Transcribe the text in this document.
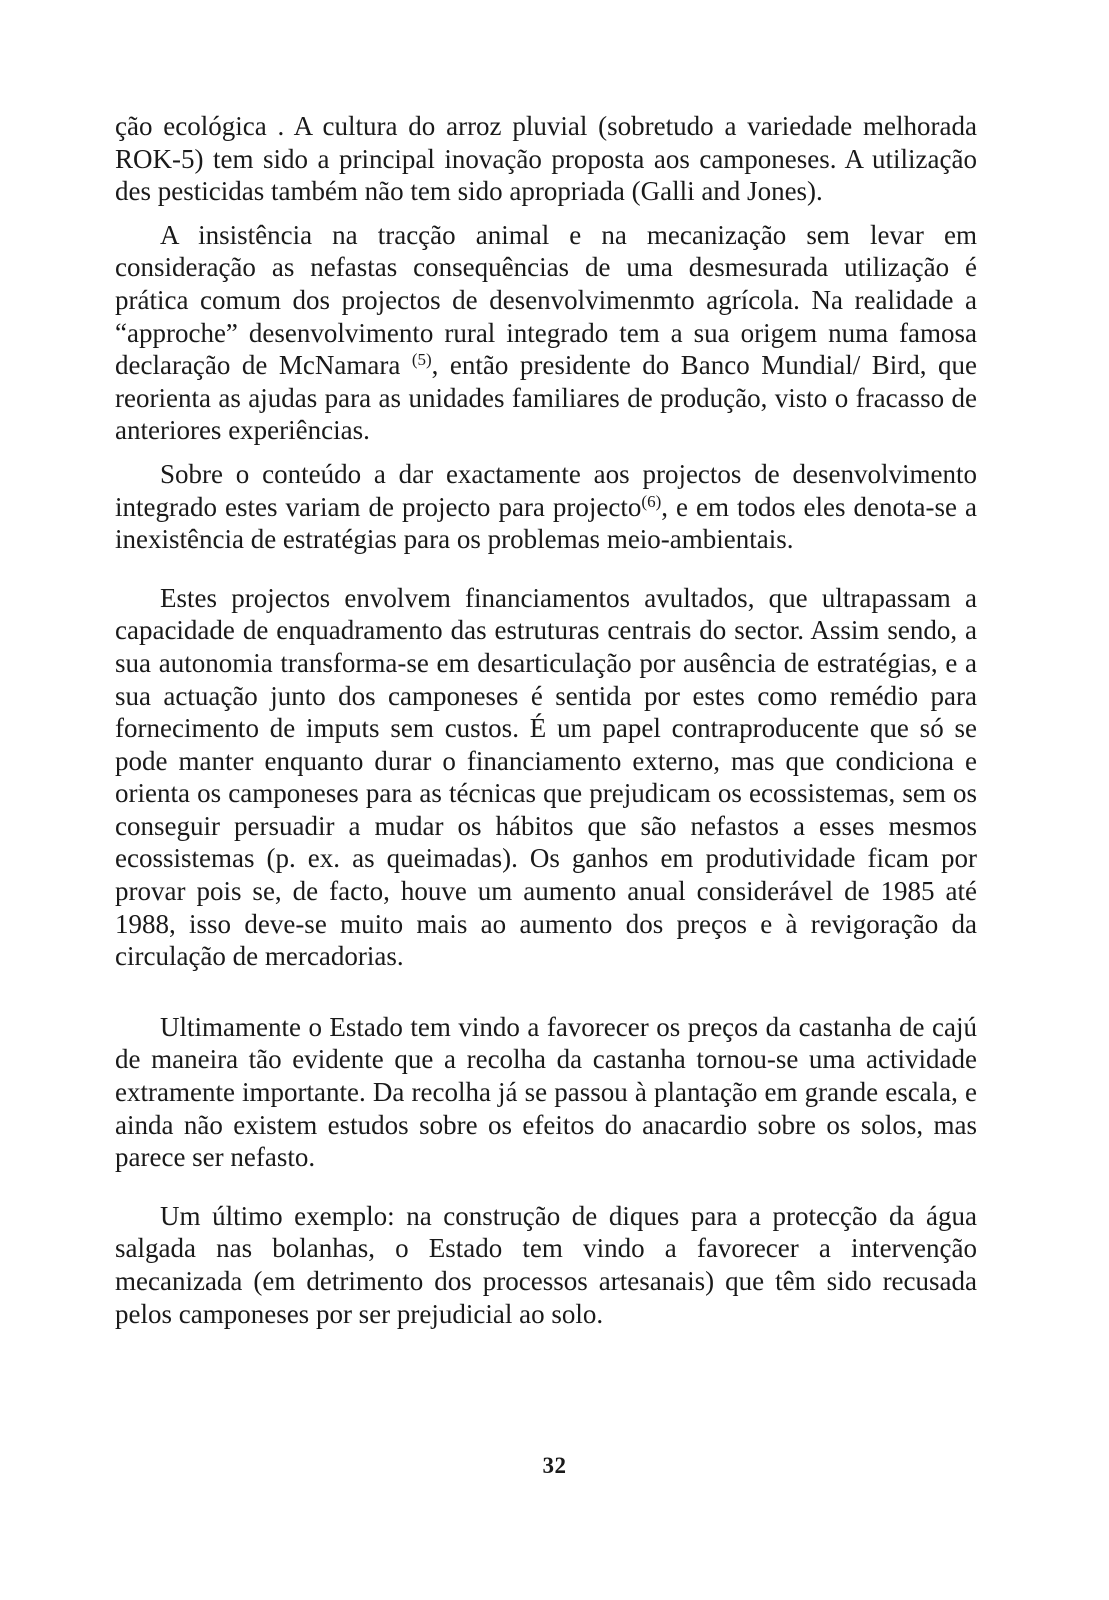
ção ecológica . A cultura do arroz pluvial (sobretudo a variedade melhorada ROK-5) tem sido a principal inovação proposta aos camponeses. A utilização des pesticidas também não tem sido apropriada (Galli and Jones).

A insistência na tracção animal e na mecanização sem levar em consideração as nefastas consequências de uma desmesurada utilização é prática comum dos projectos de desenvolvimenmto agrícola. Na realidade a “approche” desenvolvimento rural integrado tem a sua origem numa famosa declaração de McNamara $^{(5)}$, então presidente do Banco Mundial/ Bird, que reorienta as ajudas para as unidades familiares de produção, visto o fracasso de anteriores experiências.

Sobre o conteúdo a dar exactamente aos projectos de desenvolvimento integrado estes variam de projecto para projecto$^{(6)}$, e em todos eles denota-se a inexistência de estratégias para os problemas meio-ambientais.

Estes projectos envolvem financiamentos avultados, que ultrapassam a capacidade de enquadramento das estruturas centrais do sector. Assim sendo, a sua autonomia transforma-se em desarticulação por ausência de estratégias, e a sua actuação junto dos camponeses é sentida por estes como remédio para fornecimento de imputs sem custos. É um papel contraproducente que só se pode manter enquanto durar o financiamento externo, mas que condiciona e orienta os camponeses para as técnicas que prejudicam os ecossistemas, sem os conseguir persuadir a mudar os hábitos que são nefastos a esses mesmos ecossistemas (p. ex. as queimadas). Os ganhos em produtividade ficam por provar pois se, de facto, houve um aumento anual considerável de 1985 até 1988, isso deve-se muito mais ao aumento dos preços e à revigoração da circulação de mercadorias.

Ultimamente o Estado tem vindo a favorecer os preços da castanha de cajú de maneira tão evidente que a recolha da castanha tornou-se uma actividade extramente importante. Da recolha já se passou à plantação em grande escala, e ainda não existem estudos sobre os efeitos do anacardio sobre os solos, mas parece ser nefasto.

Um último exemplo: na construção de diques para a protecção da água salgada nas bolanhas, o Estado tem vindo a favorecer a intervenção mecanizada (em detrimento dos processos artesanais) que têm sido recusada pelos camponeses por ser prejudicial ao solo.

32
